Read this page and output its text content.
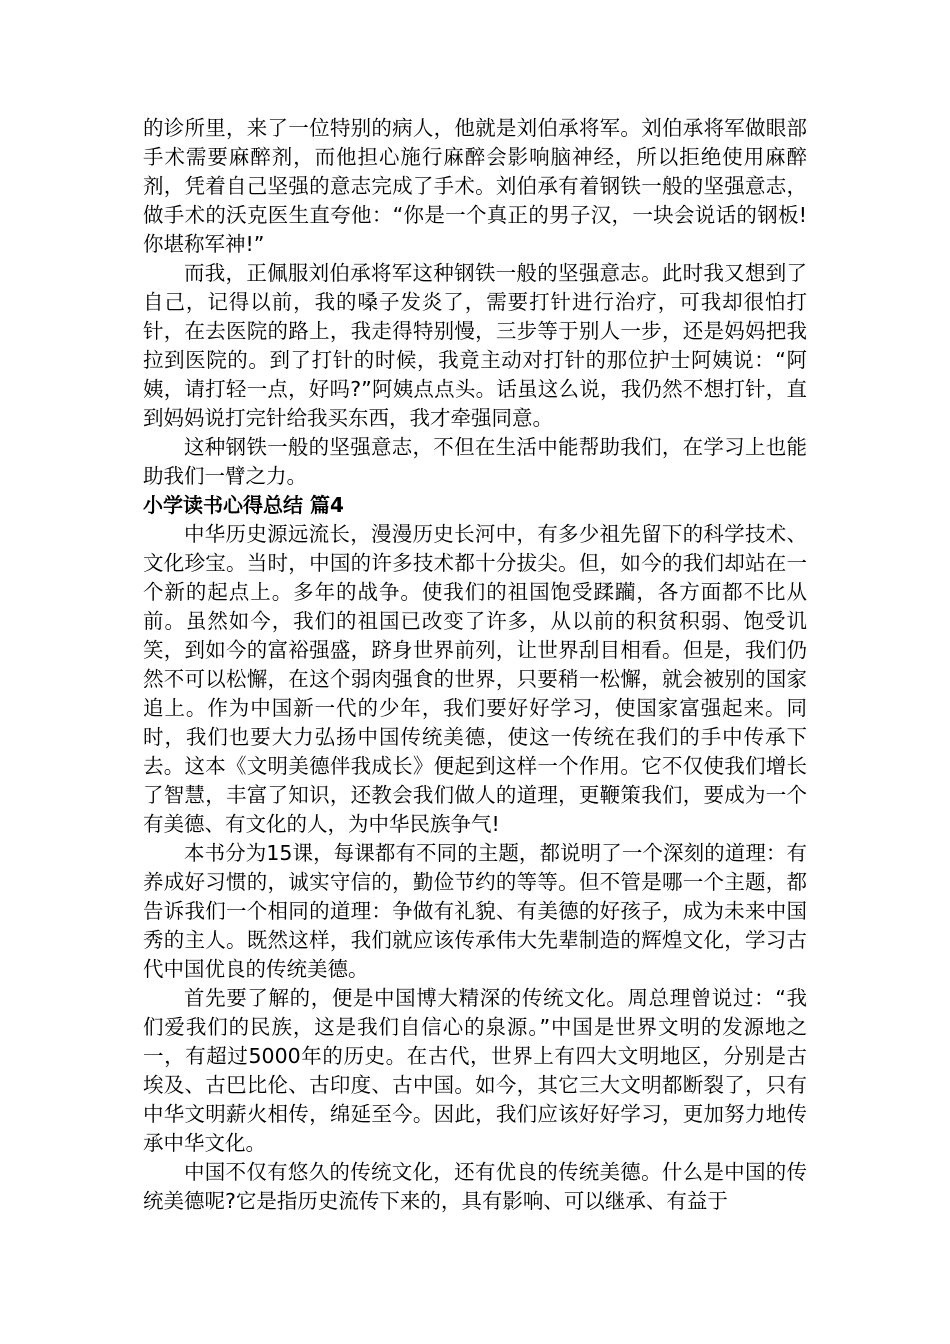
的诊所里，来了一位特别的病人，他就是刘伯承将军。刘伯承将军做眼部手术需要麻醉剂，而他担心施行麻醉会影响脑神经，所以拒绝使用麻醉剂，凭着自己坚强的意志完成了手术。刘伯承有着钢铁一般的坚强意志，做手术的沃克医生直夸他：“你是一个真正的男子汉，一块会说话的钢板!你堪称军神!”

而我，正佩服刘伯承将军这种钢铁一般的坚强意志。此时我又想到了自己，记得以前，我的嗓子发炎了，需要打针进行治疗，可我却很怕打针，在去医院的路上，我走得特别慢，三步等于别人一步，还是妈妈把我拉到医院的。到了打针的时候，我竟主动对打针的那位护士阿姨说：“阿姨，请打轻一点，好吗?”阿姨点点头。话虽这么说，我仍然不想打针，直到妈妈说打完针给我买东西，我才牵强同意。

这种钢铁一般的坚强意志，不但在生活中能帮助我们，在学习上也能助我们一臂之力。

小学读书心得总结 篇4

中华历史源远流长，漫漫历史长河中，有多少祖先留下的科学技术、文化珍宝。当时，中国的许多技术都十分拔尖。但，如今的我们却站在一个新的起点上。多年的战争。使我们的祖国饱受蹂躏，各方面都不比从前。虽然如今，我们的祖国已改变了许多，从以前的积贫积弱、饱受讥笑，到如今的富裕强盛，跻身世界前列，让世界刮目相看。但是，我们仍然不可以松懈，在这个弱肉强食的世界，只要稍一松懈，就会被别的国家追上。作为中国新一代的少年，我们要好好学习，使国家富强起来。同时，我们也要大力弘扬中国传统美德，使这一传统在我们的手中传承下去。这本《文明美德伴我成长》便起到这样一个作用。它不仅使我们增长了智慧，丰富了知识，还教会我们做人的道理，更鞭策我们，要成为一个有美德、有文化的人，为中华民族争气!

本书分为15课，每课都有不同的主题，都说明了一个深刻的道理：有养成好习惯的，诚实守信的，勤俭节约的等等。但不管是哪一个主题，都告诉我们一个相同的道理：争做有礼貌、有美德的好孩子，成为未来中国秀的主人。既然这样，我们就应该传承伟大先辈制造的辉煌文化，学习古代中国优良的传统美德。

首先要了解的，便是中国博大精深的传统文化。周总理曾说过：“我们爱我们的民族，这是我们自信心的泉源。”中国是世界文明的发源地之一，有超过5000年的历史。在古代，世界上有四大文明地区，分别是古埃及、古巴比伦、古印度、古中国。如今，其它三大文明都断裂了，只有中华文明薪火相传，绵延至今。因此，我们应该好好学习，更加努力地传承中华文化。

中国不仅有悠久的传统文化，还有优良的传统美德。什么是中国的传统美德呢?它是指历史流传下来的，具有影响、可以继承、有益于
